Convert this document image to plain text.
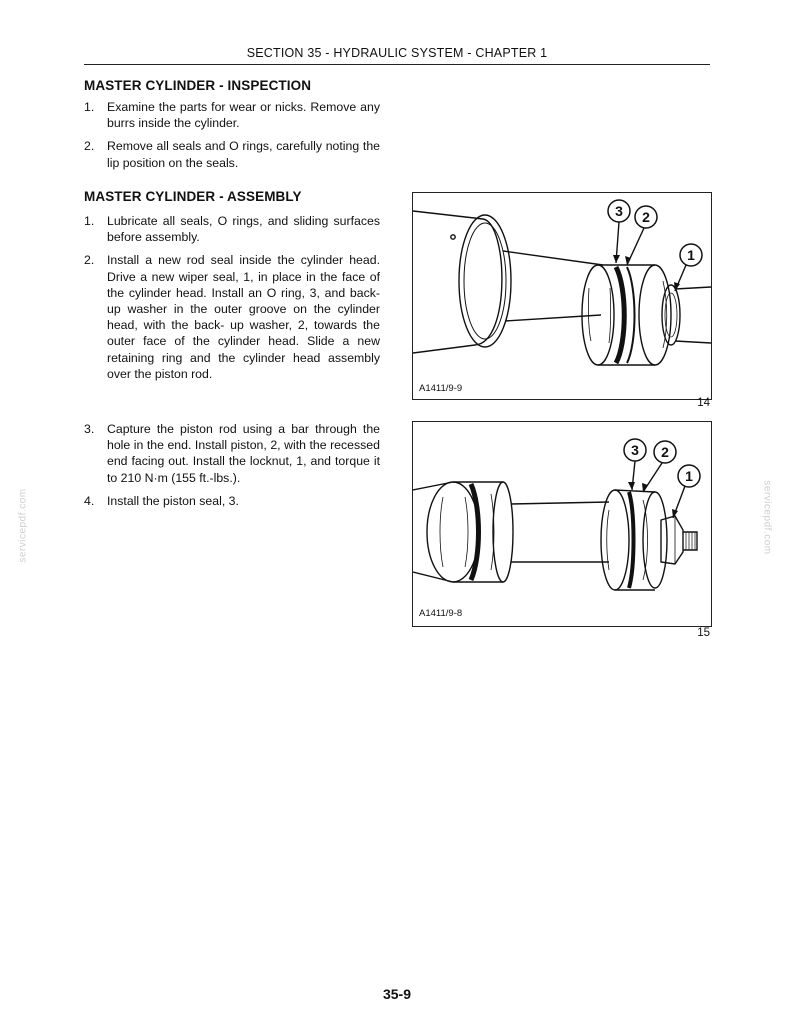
SECTION 35 - HYDRAULIC SYSTEM - CHAPTER 1
MASTER CYLINDER - INSPECTION
1. Examine the parts for wear or nicks. Remove any burrs inside the cylinder.
2. Remove all seals and O rings, carefully noting the lip position on the seals.
MASTER CYLINDER - ASSEMBLY
1. Lubricate all seals, O rings, and sliding surfaces before assembly.
2. Install a new rod seal inside the cylinder head. Drive a new wiper seal, 1, in place in the face of the cylinder head. Install an O ring, 3, and back-up washer in the outer groove on the cylinder head, with the back- up washer, 2, towards the outer face of the cylinder head. Slide a new retaining ring and the cylinder head assembly over the piston rod.
3. Capture the piston rod using a bar through the hole in the end. Install piston, 2, with the recessed end facing out. Install the locknut, 1, and torque it to 210 N·m (155 ft.-lbs.).
4. Install the piston seal, 3.
3 2
1
A1411/9-9
14
3 2
1
A1411/9-8
15
servicepdf.com	servicepdf.com
35-9
